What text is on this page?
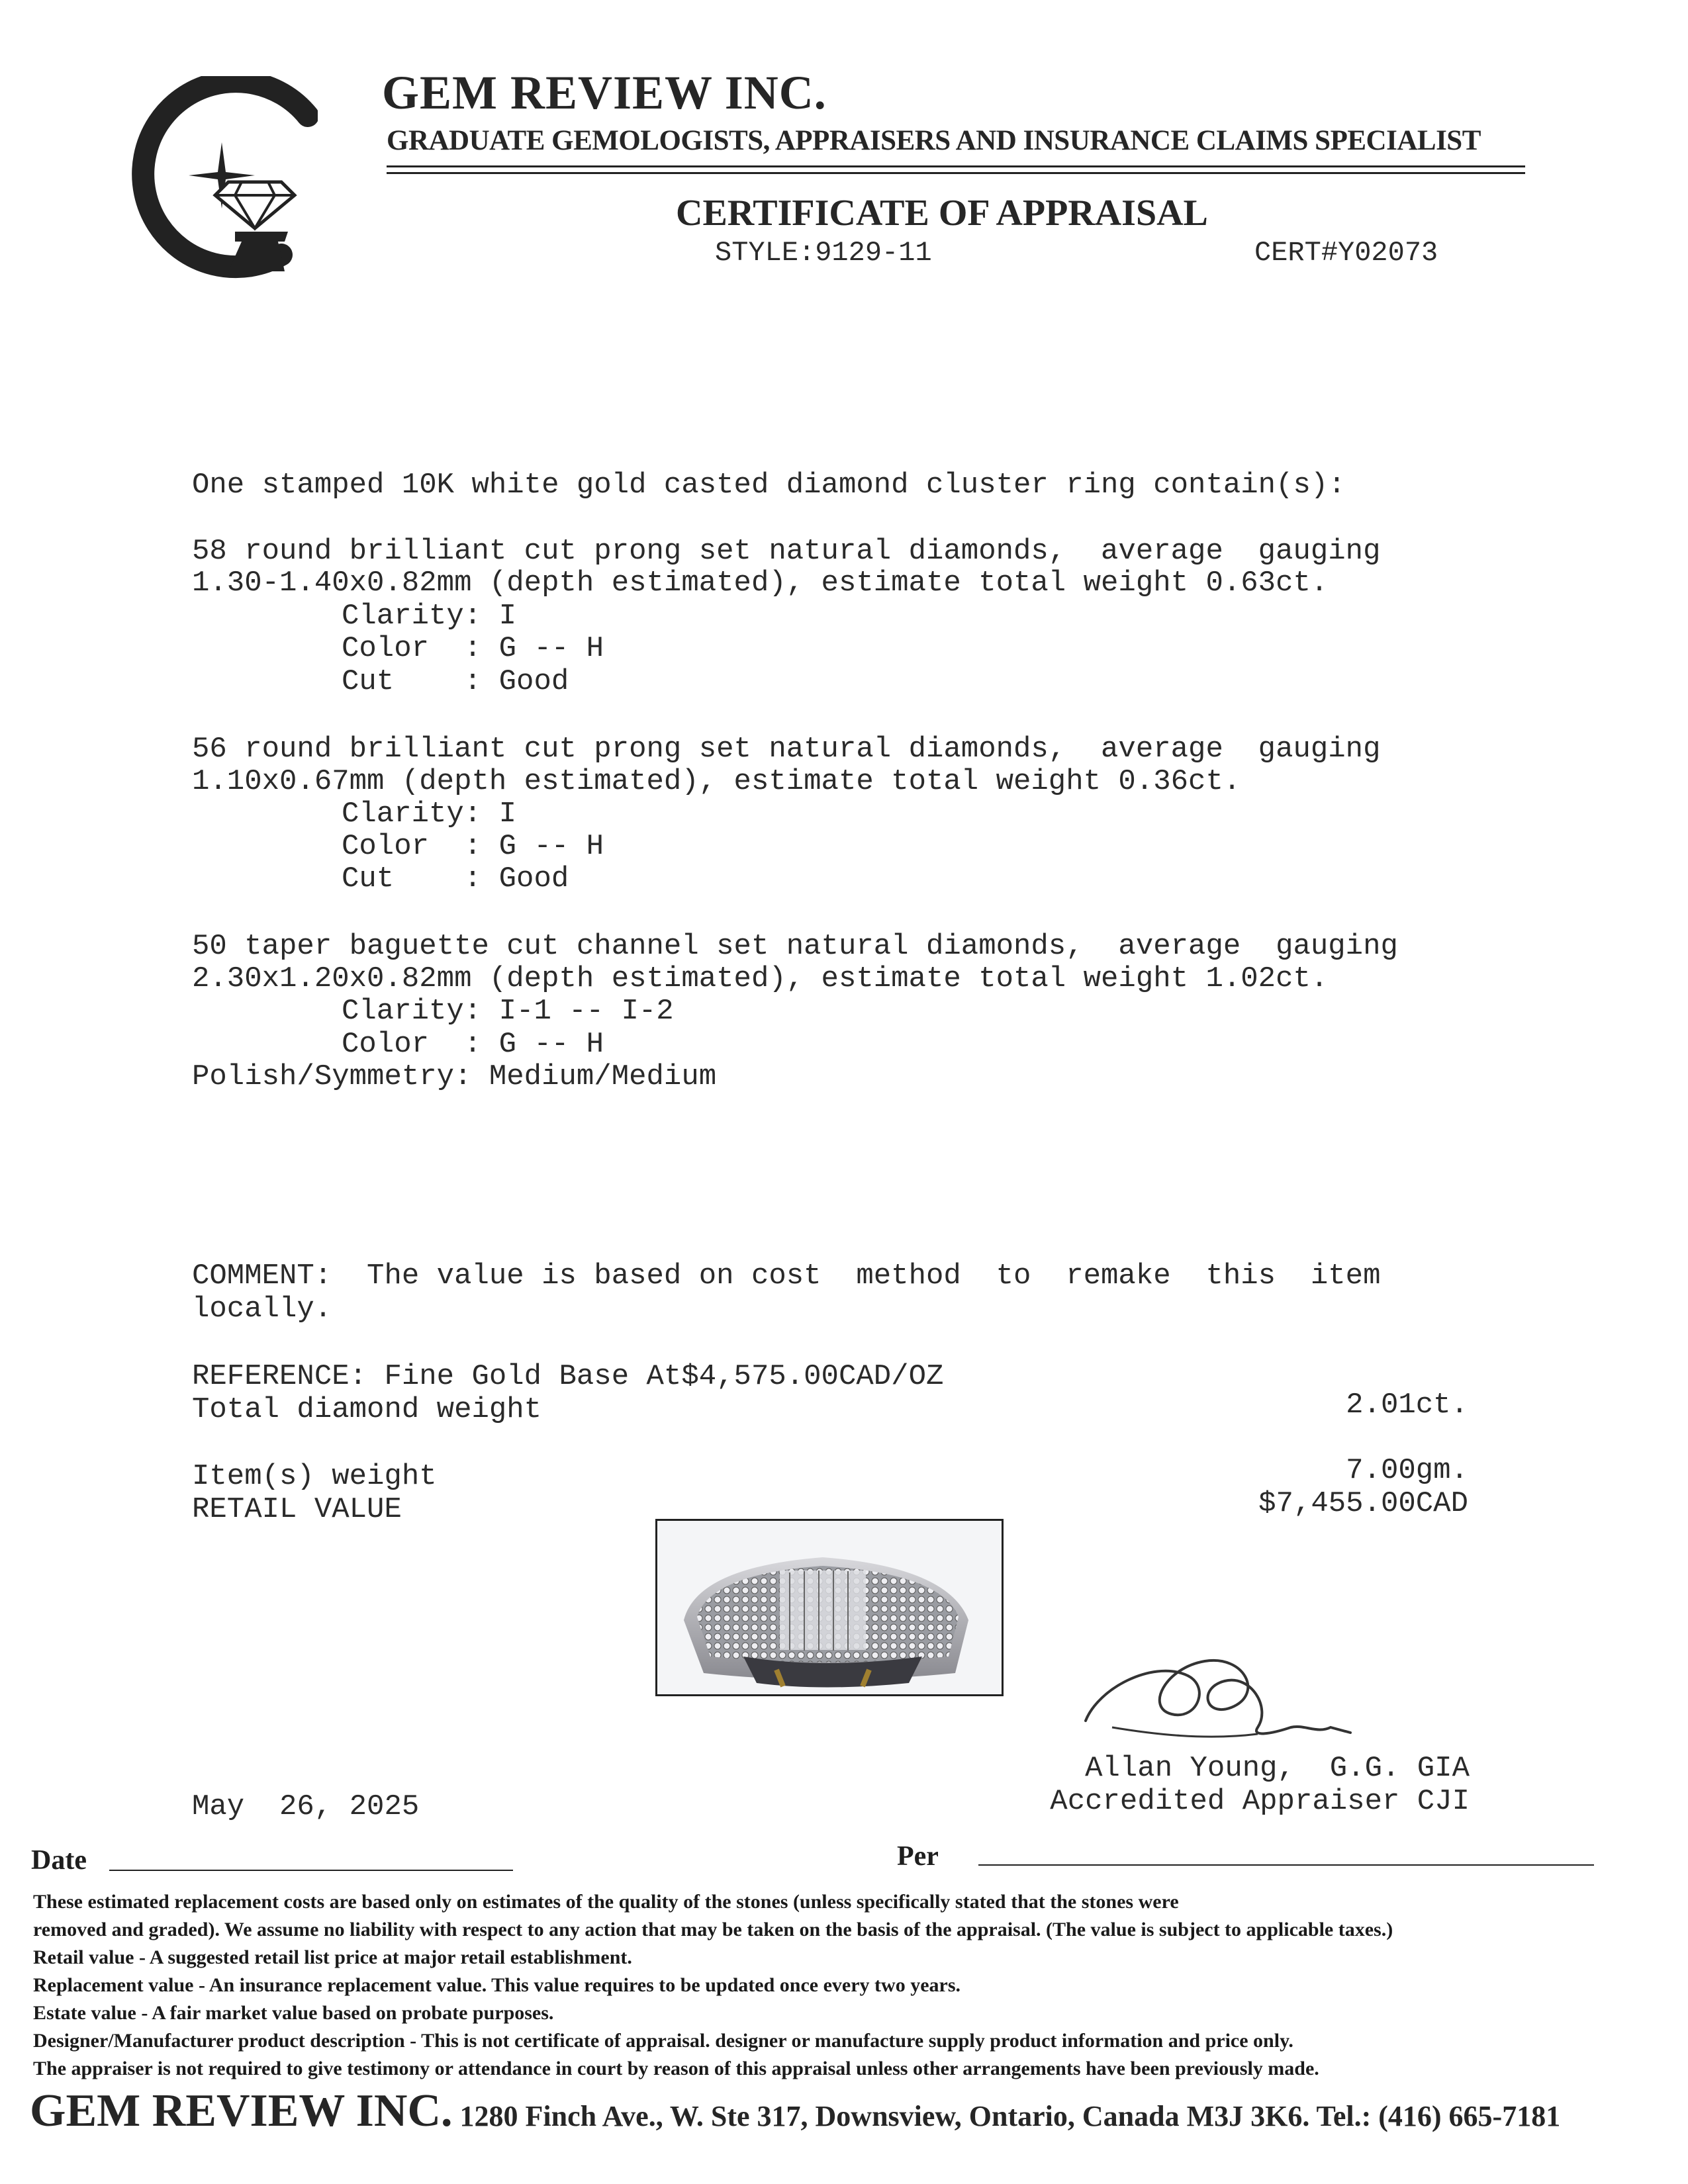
GEM REVIEW INC.
GRADUATE GEMOLOGISTS, APPRAISERS AND INSURANCE CLAIMS SPECIALIST
CERTIFICATE OF APPRAISAL
STYLE:9129-11	CERT#Y02073
One stamped 10K white gold casted diamond cluster ring contain(s):
58 round brilliant cut prong set natural diamonds,  average  gauging
1.30-1.40x0.82mm (depth estimated), estimate total weight 0.63ct.
Clarity: I
Color  : G -- H
Cut    : Good
56 round brilliant cut prong set natural diamonds,  average  gauging
1.10x0.67mm (depth estimated), estimate total weight 0.36ct.
Clarity: I
Color  : G -- H
Cut    : Good
50 taper baguette cut channel set natural diamonds,  average  gauging
2.30x1.20x0.82mm (depth estimated), estimate total weight 1.02ct.
Clarity: I-1 -- I-2
Color  : G -- H
Polish/Symmetry: Medium/Medium
COMMENT:  The value is based on cost  method  to  remake  this  item
locally.
REFERENCE: Fine Gold Base At$4,575.00CAD/OZ
Total diamond weight	2.01ct.
Item(s) weight	7.00gm.
RETAIL VALUE	$7,455.00CAD
Allan Young,  G.G. GIA
Accredited Appraiser CJI
May  26, 2025
Date	Per
These estimated replacement costs are based only on estimates of the quality of the stones (unless specifically stated that the stones were
removed and graded). We assume no liability with respect to any action that may be taken on the basis of the appraisal. (The value is subject to applicable taxes.)
Retail value - A suggested retail list price at major retail establishment.
Replacement value - An insurance replacement value. This value requires to be updated once every two years.
Estate value - A fair market value based on probate purposes.
Designer/Manufacturer product description - This is not certificate of appraisal. designer or manufacture supply product information and price only.
The appraiser is not required to give testimony or attendance in court by reason of this appraisal unless other arrangements have been previously made.
GEM REVIEW INC. 1280 Finch Ave., W. Ste 317, Downsview, Ontario, Canada M3J 3K6. Tel.: (416) 665-7181
